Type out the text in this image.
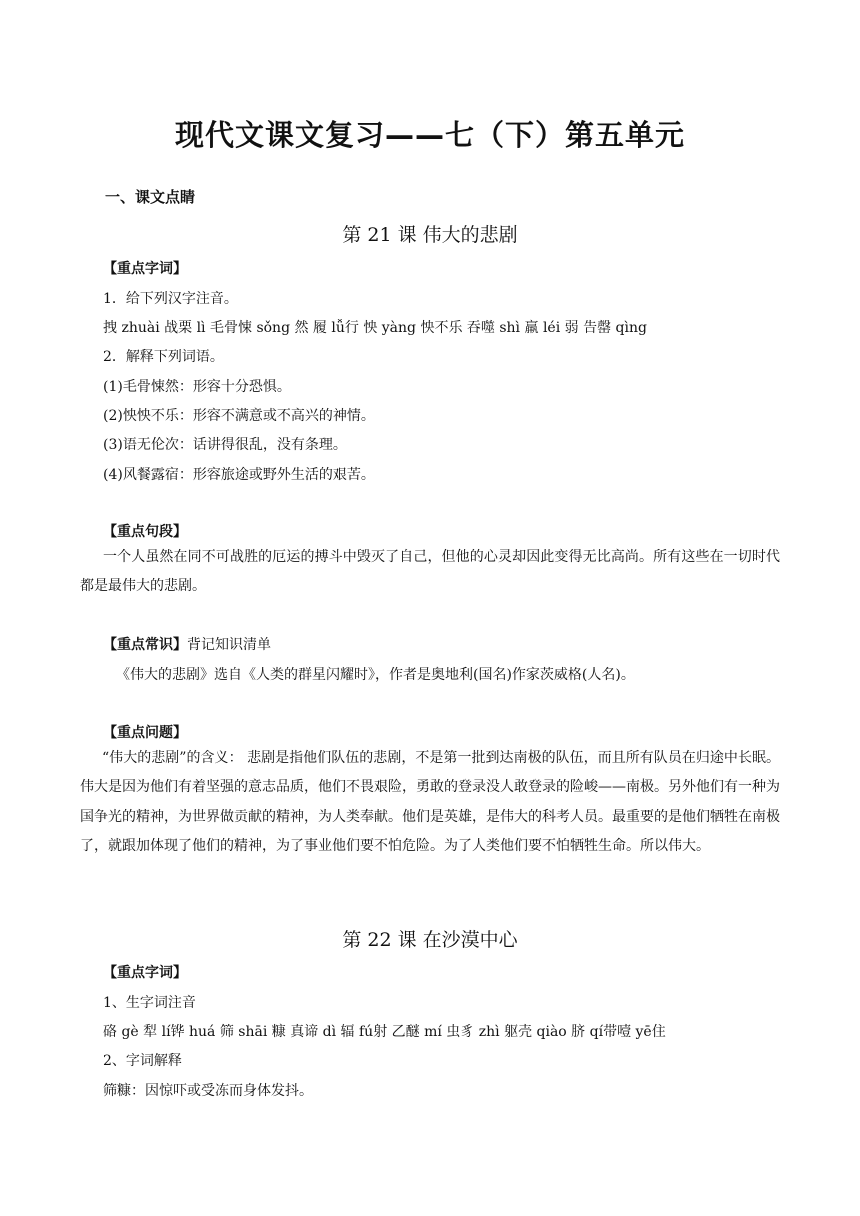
现代文课文复习——七（下）第五单元
一、课文点睛
第 21 课 伟大的悲剧
【重点字词】
1．给下列汉字注音。
拽 zhuài 战栗 lì 毛骨悚 sǒng 然 履 lǚ行 怏 yàng 怏不乐 吞噬 shì 羸 léi 弱 告罄 qìng
2．解释下列词语。
(1)毛骨悚然：形容十分恐惧。
(2)怏怏不乐：形容不满意或不高兴的神情。
(3)语无伦次：话讲得很乱，没有条理。
(4)风餐露宿：形容旅途或野外生活的艰苦。
【重点句段】
一个人虽然在同不可战胜的厄运的搏斗中毁灭了自己，但他的心灵却因此变得无比高尚。所有这些在一切时代都是最伟大的悲剧。
【重点常识】背记知识清单
《伟大的悲剧》选自《人类的群星闪耀时》，作者是奥地利(国名)作家茨威格(人名)。
【重点问题】
“伟大的悲剧”的含义： 悲剧是指他们队伍的悲剧，不是第一批到达南极的队伍，而且所有队员在归途中长眠。伟大是因为他们有着坚强的意志品质，他们不畏艰险，勇敢的登录没人敢登录的险峻——南极。另外他们有一种为国争光的精神，为世界做贡献的精神，为人类奉献。他们是英雄，是伟大的科考人员。最重要的是他们牺牲在南极了，就跟加体现了他们的精神，为了事业他们要不怕危险。为了人类他们要不怕牺牲生命。所以伟大。
第 22 课 在沙漠中心
【重点字词】
1、生字词注音
硌 gè 犁 lí铧 huá 筛 shāi 糠 真谛 dì 辐 fú射 乙醚 mí 虫豸 zhì 躯壳 qiào 脐 qí带噎 yē住
2、字词解释
筛糠：因惊吓或受冻而身体发抖。
